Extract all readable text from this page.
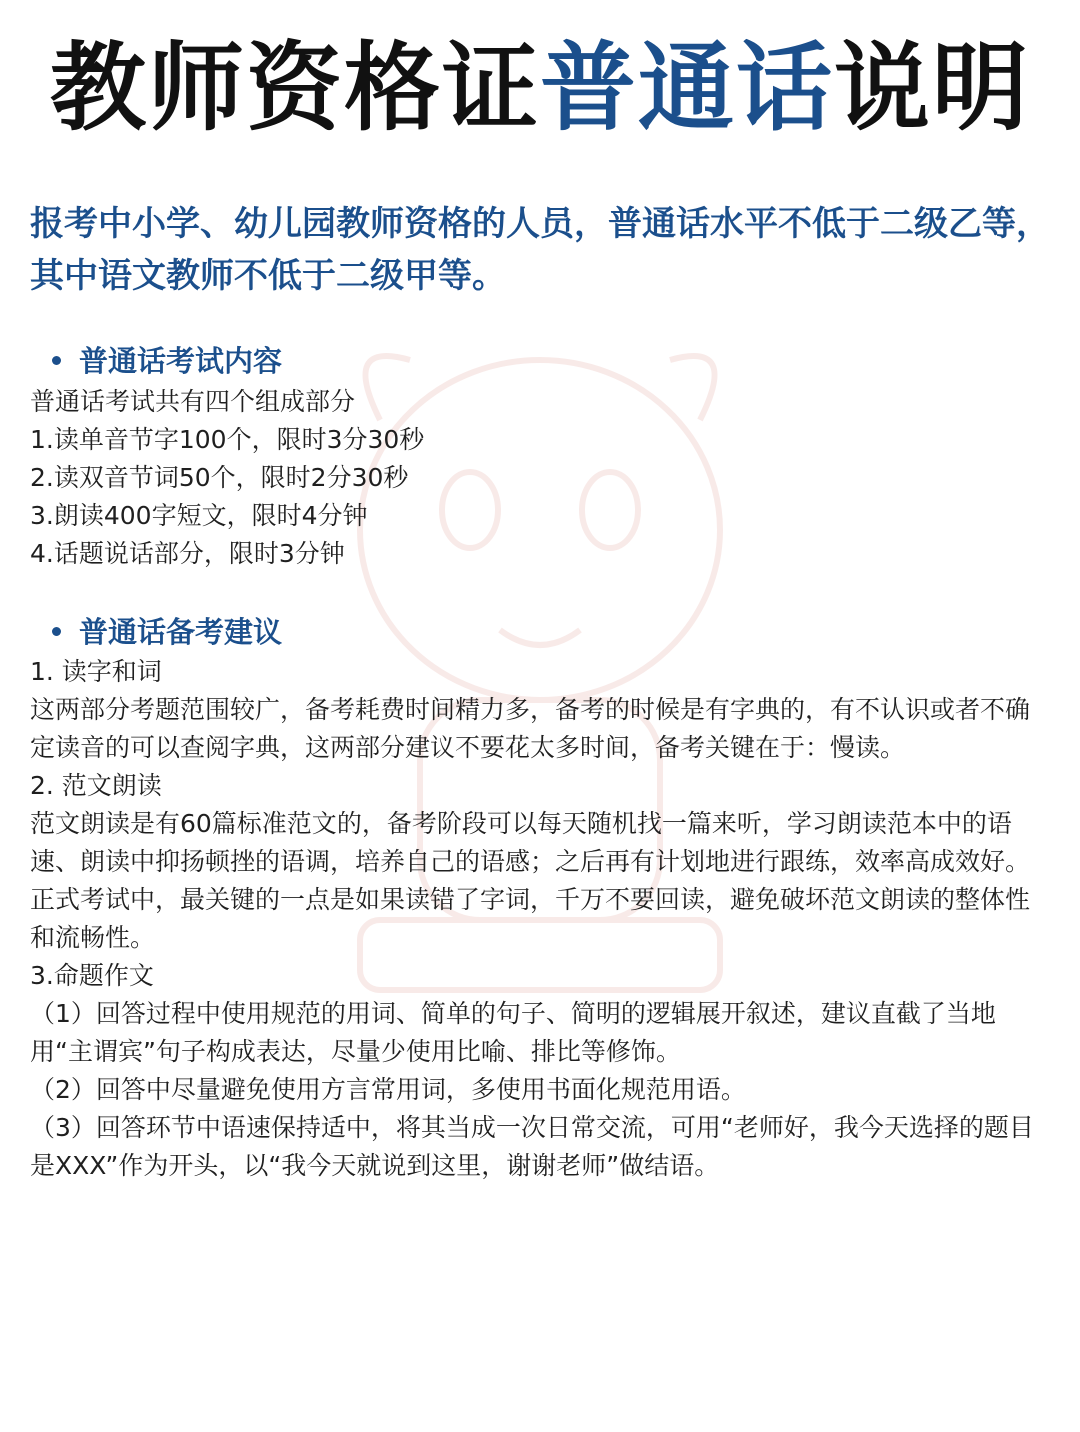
教师资格证普通话说明
报考中小学、幼儿园教师资格的人员，普通话水平不低于二级乙等，其中语文教师不低于二级甲等。
普通话考试内容

普通话考试共有四个组成部分

1.读单音节字100个，限时3分30秒

2.读双音节词50个，限时2分30秒

3.朗读400字短文，限时4分钟

4.话题说话部分，限时3分钟

普通话备考建议

1. 读字和词

这两部分考题范围较广，备考耗费时间精力多，备考的时候是有字典的，有不认识或者不确定读音的可以查阅字典，这两部分建议不要花太多时间，备考关键在于：慢读。

2. 范文朗读

范文朗读是有60篇标准范文的，备考阶段可以每天随机找一篇来听，学习朗读范本中的语速、朗读中抑扬顿挫的语调，培养自己的语感；之后再有计划地进行跟练，效率高成效好。

正式考试中，最关键的一点是如果读错了字词，千万不要回读，避免破坏范文朗读的整体性和流畅性。

3.命题作文

（1）回答过程中使用规范的用词、简单的句子、简明的逻辑展开叙述，建议直截了当地用“主谓宾”句子构成表达，尽量少使用比喻、排比等修饰。

（2）回答中尽量避免使用方言常用词，多使用书面化规范用语。

（3）回答环节中语速保持适中，将其当成一次日常交流，可用“老师好，我今天选择的题目是XXX”作为开头，以“我今天就说到这里，谢谢老师”做结语。
